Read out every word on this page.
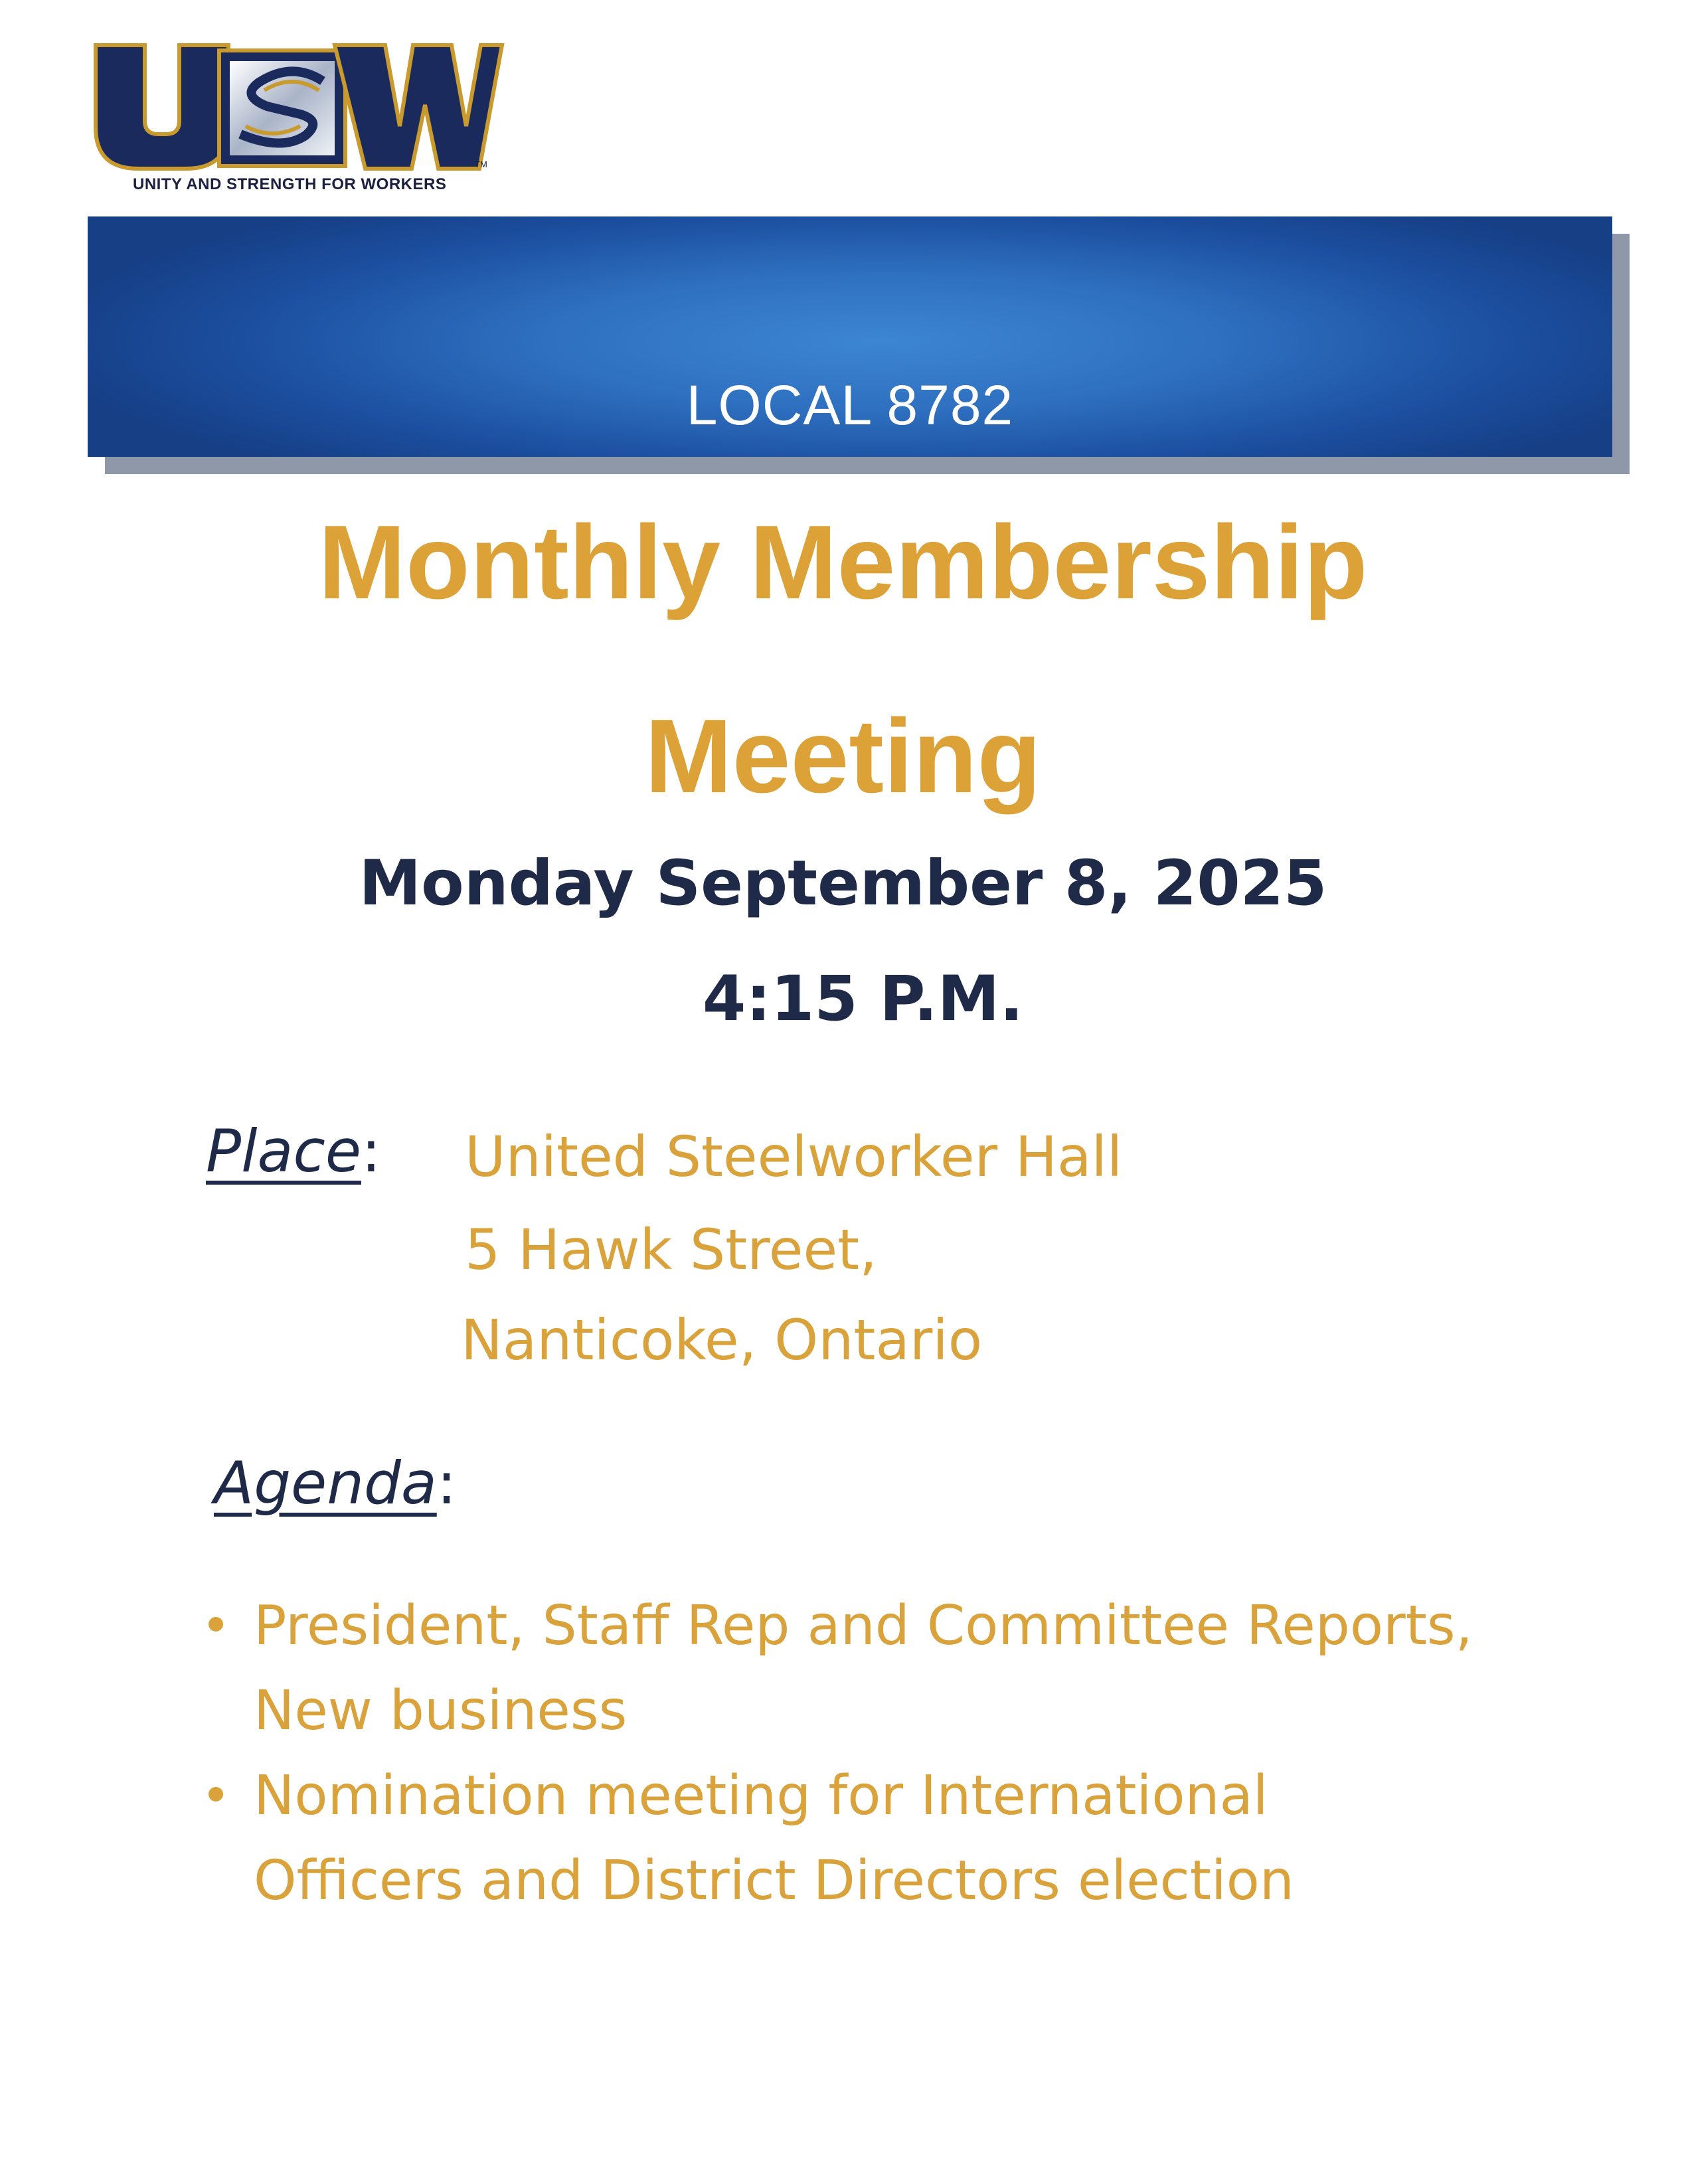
UNITY AND STRENGTH FOR WORKERS
TM
LOCAL 8782
Monthly Membership
Meeting
Monday September 8, 2025
4:15 P.M.
Place: United Steelworker Hall
5 Hawk Street,
Nanticoke, Ontario
Agenda:
President, Staff Rep and Committee Reports, New business
Nomination meeting for International Officers and District Directors election
